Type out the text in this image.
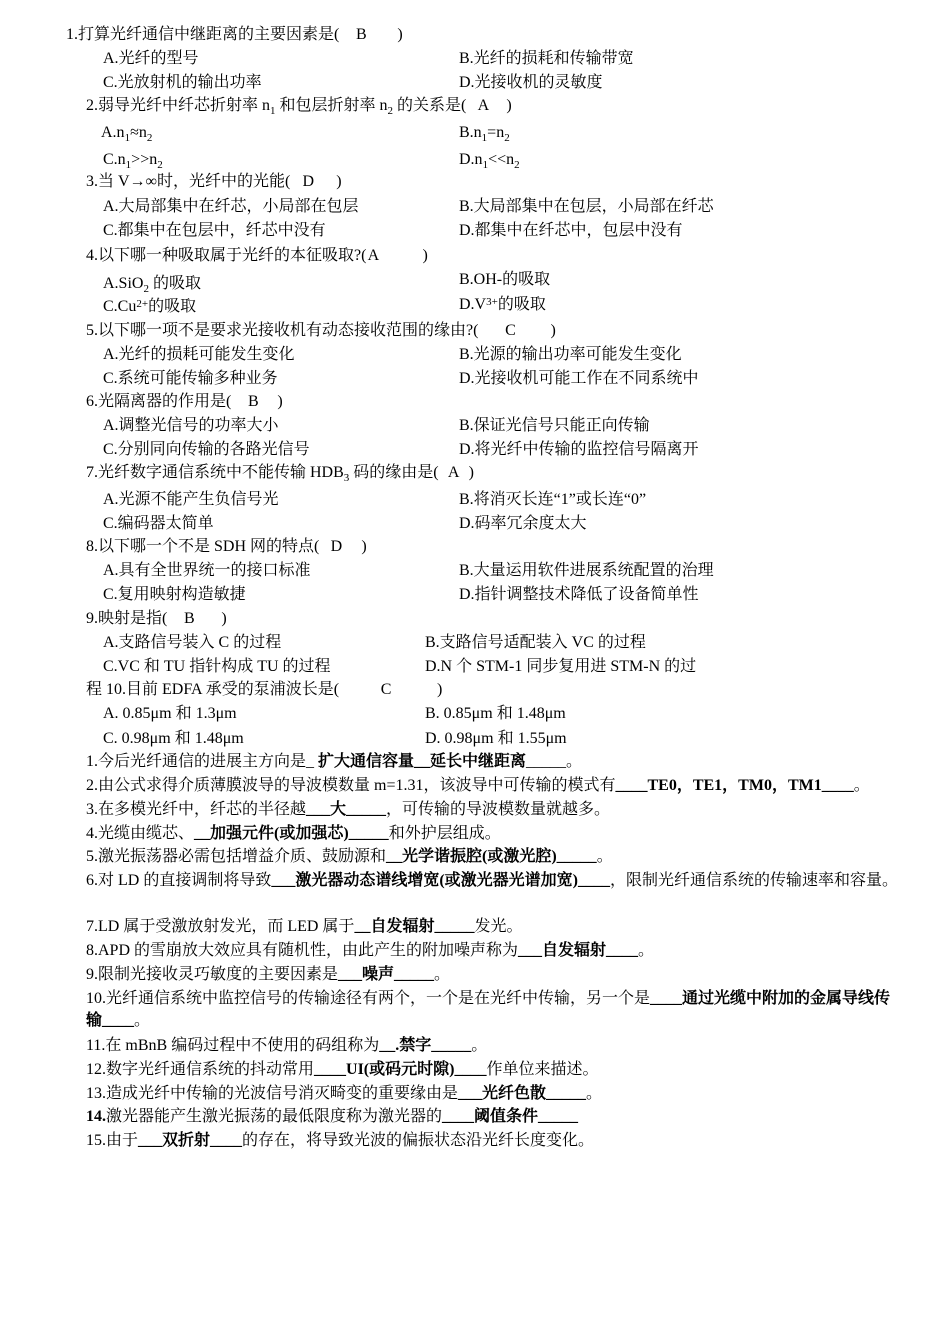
1.打算光纤通信中继距离的主要因素是( B )
A.光纤的型号	B.光纤的损耗和传输带宽
C.光放射机的输出功率	D.光接收机的灵敏度
2.弱导光纤中纤芯折射率 $n_1$ 和包层折射率 $n_2$ 的关系是( A )
$A.n_1\approx n_2$	$B.n_1=n_2$
$C.n_1>>n_2$	$D.n_1<<n_2$
3.当 V→∞时，光纤中的光能( D )
A.大局部集中在纤芯，小局部在包层	B.大局部集中在包层，小局部在纤芯
C.都集中在包层中，纤芯中没有	D.都集中在纤芯中，包层中没有
4.以下哪一种吸取属于光纤的本征吸取?(A	)
A.SiO$_2$ 的吸取	B.OH-的吸取
$C.Cu^{2+}$的吸取	$D.V^{3+}$的吸取
5.以下哪一项不是要求光接收机有动态接收范围的缘由?( C )
A.光纤的损耗可能发生变化	B.光源的输出功率可能发生变化
C.系统可能传输多种业务	D.光接收机可能工作在不同系统中
6.光隔离器的作用是( B )
A.调整光信号的功率大小	B.保证光信号只能正向传输
C.分别同向传输的各路光信号	D.将光纤中传输的监控信号隔离开
7.光纤数字通信系统中不能传输 $HDB_3$ 码的缘由是( A )
A.光源不能产生负信号光	B.将消灭长连“1”或长连“0”
C.编码器太简单	D.码率冗余度太大
8.以下哪一个不是 SDH 网的特点( D )
A.具有全世界统一的接口标准	B.大量运用软件进展系统配置的治理
C.复用映射构造敏捷	D.指针调整技术降低了设备简单性
9.映射是指( B )
A.支路信号装入 C 的过程	B.支路信号适配装入 VC 的过程
C.VC 和 TU 指针构成 TU 的过程	D.N 个 STM-1 同步复用进 STM-N 的过
程 10.目前 EDFA 承受的泵浦波长是(	C	)
A. 0.85μm 和 1.3μm	B. 0.85μm 和 1.48μm
C. 0.98μm 和 1.48μm	D. 0.98μm 和 1.55μm
1.今后光纤通信的进展主方向是_ 扩大通信容量__延长中继距离_____。
2.由公式求得介质薄膜波导的导波模数量 m=1.31，该波导中可传输的模式有____TE0，TE1，TM0，TM1____。
3.在多模光纤中，纤芯的半径越___大_____，可传输的导波模数量就越多。
4.光缆由缆芯、__加强元件(或加强芯)_____和外护层组成。
5.激光振荡器必需包括增益介质、鼓励源和__光学谐振腔(或激光腔)_____。
6.对 LD 的直接调制将导致___激光器动态谱线增宽(或激光器光谱加宽)____，限制光纤通信系统的传输速率和容量。
7.LD 属于受激放射发光，而 LED 属于__自发辐射_____发光。
8.APD 的雪崩放大效应具有随机性，由此产生的附加噪声称为___自发辐射____。
9.限制光接收灵巧敏度的主要因素是___噪声_____。
10.光纤通信系统中监控信号的传输途径有两个，一个是在光纤中传输，另一个是____通过光缆中附加的金属导线传输____。
11.在 mBnB 编码过程中不使用的码组称为__.禁字_____。
12.数字光纤通信系统的抖动常用____UI(或码元时隙)____作单位来描述。
13.造成光纤中传输的光波信号消灭畸变的重要缘由是___光纤色散_____。
14.激光器能产生激光振荡的最低限度称为激光器的____阈值条件_____
15.由于___双折射____的存在，将导致光波的偏振状态沿光纤长度变化。
